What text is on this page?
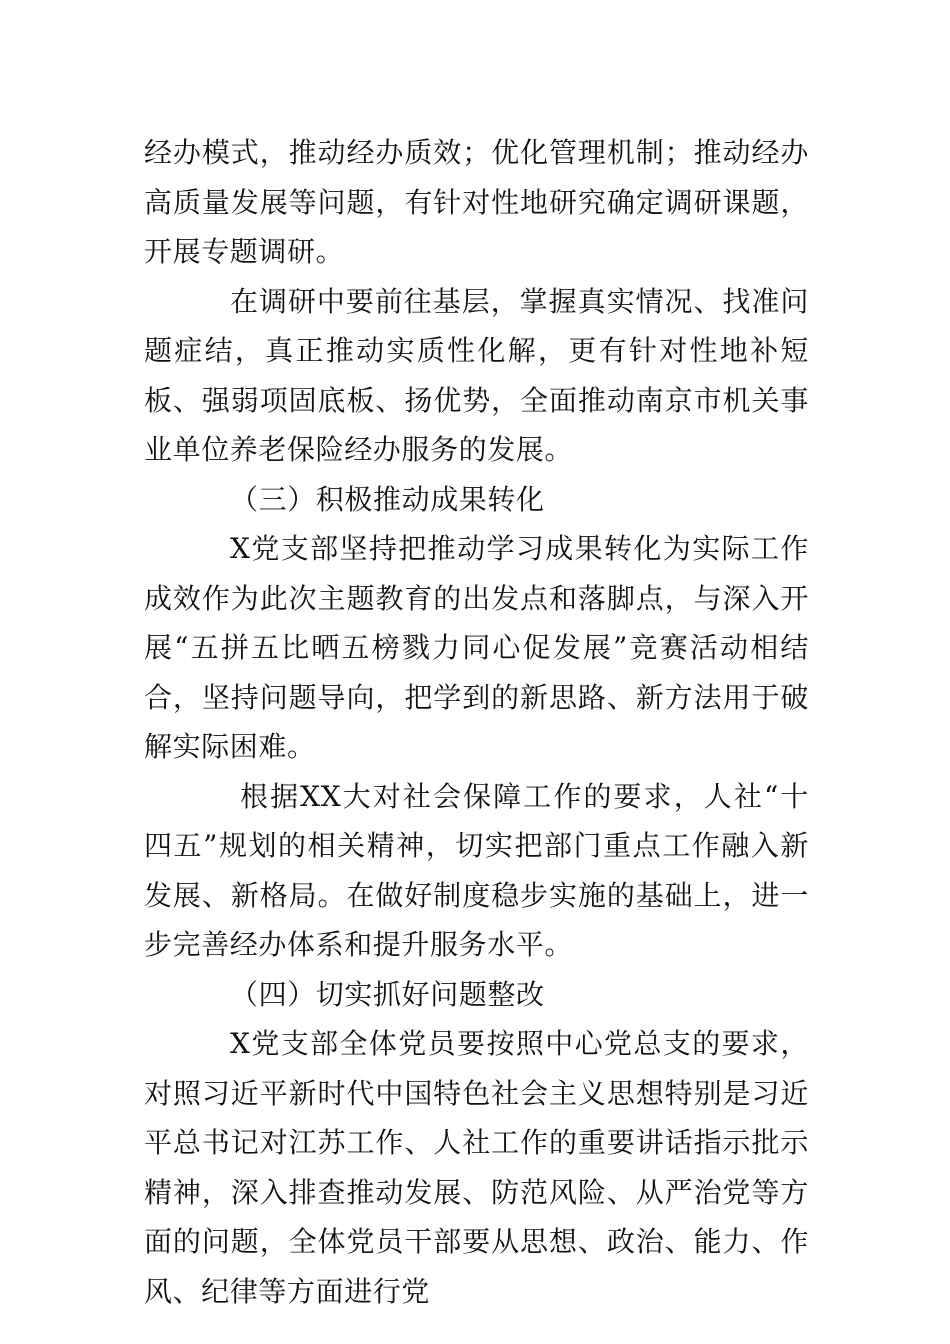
经办模式，推动经办质效；优化管理机制；推动经办高质量发展等问题，有针对性地研究确定调研课题，开展专题调研。

在调研中要前往基层，掌握真实情况、找准问题症结，真正推动实质性化解，更有针对性地补短板、强弱项固底板、扬优势，全面推动南京市机关事业单位养老保险经办服务的发展。

（三）积极推动成果转化

X党支部坚持把推动学习成果转化为实际工作成效作为此次主题教育的出发点和落脚点，与深入开展“五拼五比晒五榜戮力同心促发展”竞赛活动相结合，坚持问题导向，把学到的新思路、新方法用于破解实际困难。

根据XX大对社会保障工作的要求，人社“十四五”规划的相关精神，切实把部门重点工作融入新发展、新格局。在做好制度稳步实施的基础上，进一步完善经办体系和提升服务水平。

（四）切实抓好问题整改

X党支部全体党员要按照中心党总支的要求，对照习近平新时代中国特色社会主义思想特别是习近平总书记对江苏工作、人社工作的重要讲话指示批示精神，深入排查推动发展、防范风险、从严治党等方面的问题，全体党员干部要从思想、政治、能力、作风、纪律等方面进行党
